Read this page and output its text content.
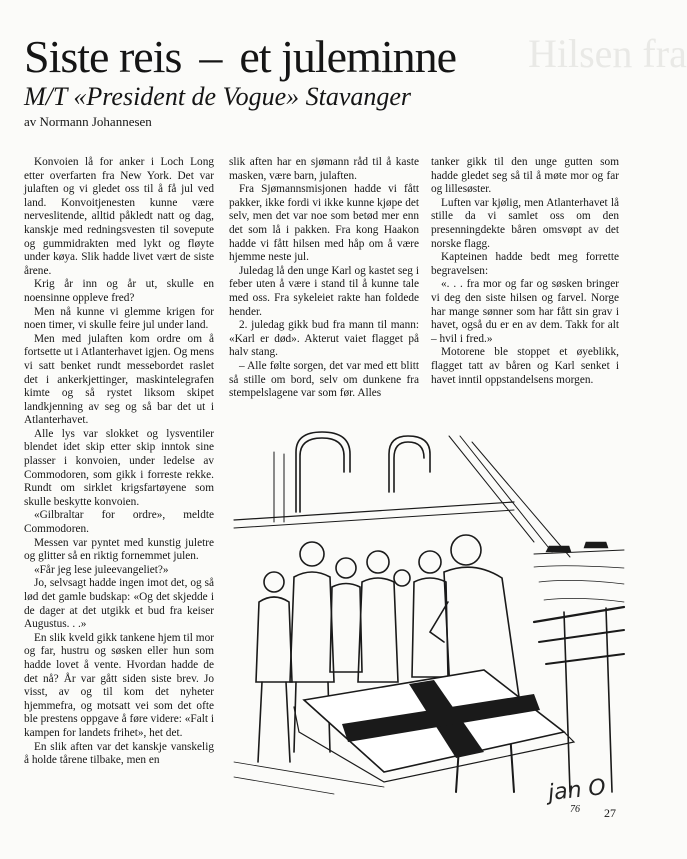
Hilsen fra
Siste reis – et juleminne
M/T «President de Vogue» Stavanger
av Normann Johannesen

Konvoien lå for anker i Loch Long etter overfarten fra New York. Det var julaften og vi gledet oss til å få jul ved land. Konvoitjenesten kunne være nerveslitende, alltid påkledt natt og dag, kanskje med redningsvesten til sovepute og gummidrakten med lykt og fløyte under køya. Slik hadde livet vært de siste årene.

Krig år inn og år ut, skulle en noensinne oppleve fred?

Men nå kunne vi glemme krigen for noen timer, vi skulle feire jul under land.

Men med julaften kom ordre om å fortsette ut i Atlanterhavet igjen. Og mens vi satt benket rundt messebordet raslet det i ankerkjettinger, maskintelegrafen kimte og så rystet liksom skipet landkjenning av seg og så bar det ut i Atlanterhavet.

Alle lys var slokket og lysventiler blendet idet skip etter skip inntok sine plasser i konvoien, under ledelse av Commodoren, som gikk i forreste rekke. Rundt om sirklet krigsfartøyene som skulle beskytte konvoien.

«Gilbraltar for ordre», meldte Commodoren.

Messen var pyntet med kunstig juletre og glitter så en riktig fornemmet julen.

«Får jeg lese juleevangeliet?»

Jo, selvsagt hadde ingen imot det, og så lød det gamle budskap: «Og det skjedde i de dager at det utgikk et bud fra keiser Augustus. . .»

En slik kveld gikk tankene hjem til mor og far, hustru og søsken eller hun som hadde lovet å vente. Hvordan hadde de det nå? År var gått siden siste brev. Jo visst, av og til kom det nyheter hjemmefra, og motsatt vei som det ofte ble prestens oppgave å føre videre: «Falt i kampen for landets frihet», het det.

En slik aften var det kanskje vanskelig å holde tårene tilbake, men en

slik aften har en sjømann råd til å kaste masken, være barn, julaften.

Fra Sjømannsmisjonen hadde vi fått pakker, ikke fordi vi ikke kunne kjøpe det selv, men det var noe som betød mer enn det som lå i pakken. Fra kong Haakon hadde vi fått hilsen med håp om å være hjemme neste jul.

Juledag lå den unge Karl og kastet seg i feber uten å være i stand til å kunne tale med oss. Fra sykeleiet rakte han foldede hender.

2. juledag gikk bud fra mann til mann: «Karl er død». Akterut vaiet flagget på halv stang.

– Alle følte sorgen, det var med ett blitt så stille om bord, selv om dunkene fra stempelslagene var som før. Alles

tanker gikk til den unge gutten som hadde gledet seg så til å møte mor og far og lillesøster.

Luften var kjølig, men Atlanterhavet lå stille da vi samlet oss om den presenningdekte båren omsvøpt av det norske flagg.

Kapteinen hadde bedt meg forrette begravelsen:

«. . . fra mor og far og søsken bringer vi deg den siste hilsen og farvel. Norge har mange sønner som har fått sin grav i havet, også du er en av dem. Takk for alt – hvil i fred.»

Motorene ble stoppet et øyeblikk, flagget tatt av båren og Karl senket i havet inntil oppstandelsens morgen.

jan O
76 27
